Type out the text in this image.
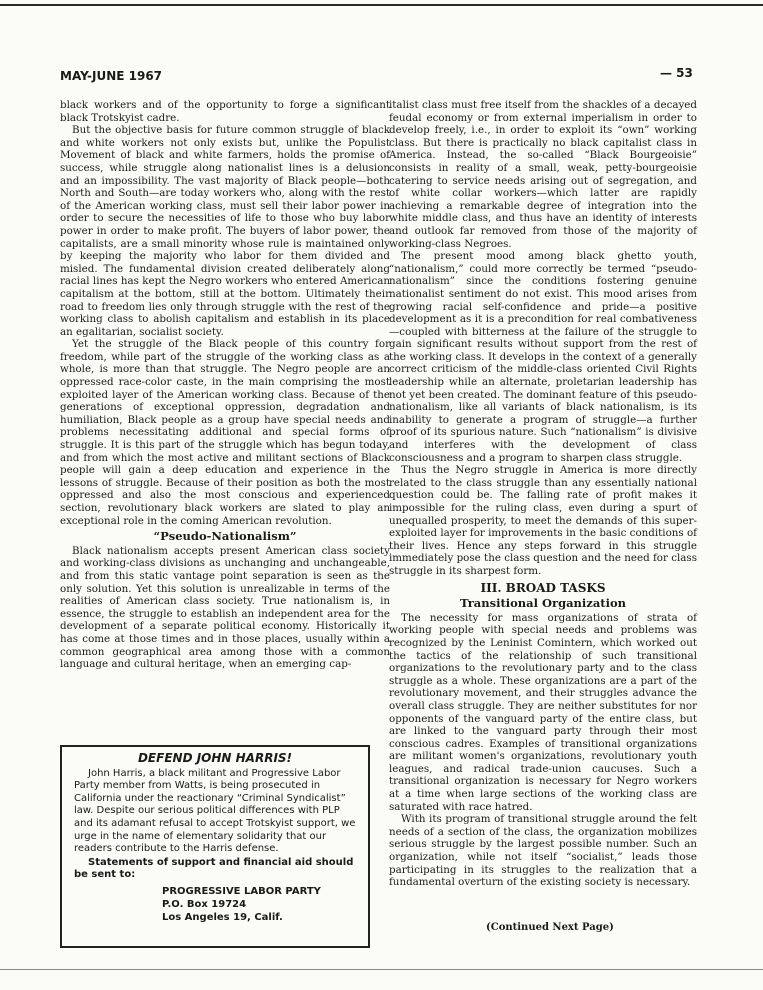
MAY-JUNE 1967	— 53

black workers and of the opportunity to forge a significant black Trotskyist cadre.

But the objective basis for future common struggle of black and white workers not only exists but, unlike the Populist Movement of black and white farmers, holds the promise of success, while struggle along nationalist lines is a delusion and an impossibility. The vast majority of Black people—both North and South—are today workers who, along with the rest of the American working class, must sell their labor power in order to secure the necessities of life to those who buy labor power in order to make profit. The buyers of labor power, the capitalists, are a small minority whose rule is maintained only by keeping the majority who labor for them divided and misled. The fundamental division created deliberately along racial lines has kept the Negro workers who entered American capitalism at the bottom, still at the bottom. Ultimately their road to freedom lies only through struggle with the rest of the working class to abolish capitalism and establish in its place an egalitarian, socialist society.

Yet the struggle of the Black people of this country for freedom, while part of the struggle of the working class as a whole, is more than that struggle. The Negro people are an oppressed race-color caste, in the main comprising the most exploited layer of the American working class. Because of the generations of exceptional oppression, degradation and humiliation, Black people as a group have special needs and problems necessitating additional and special forms of struggle. It is this part of the struggle which has begun today, and from which the most active and militant sections of Black people will gain a deep education and experience in the lessons of struggle. Because of their position as both the most oppressed and also the most conscious and experienced section, revolutionary black workers are slated to play an exceptional role in the coming American revolution.

“Pseudo-Nationalism”

Black nationalism accepts present American class society and working-class divisions as unchanging and unchangeable, and from this static vantage point separation is seen as the only solution. Yet this solution is unrealizable in terms of the realities of American class society. True nationalism is, in essence, the struggle to establish an independent area for the development of a separate political economy. Historically it has come at those times and in those places, usually within a common geographical area among those with a common language and cultural heritage, when an emerging cap-

DEFEND JOHN HARRIS!
John Harris, a black militant and Progressive Labor Party member from Watts, is being prosecuted in California under the reactionary “Criminal Syndicalist” law. Despite our serious political differences with PLP and its adamant refusal to accept Trotskyist support, we urge in the name of elementary solidarity that our readers contribute to the Harris defense.
Statements of support and financial aid should be sent to:
PROGRESSIVE LABOR PARTY
P.O. Box 19724
Los Angeles 19, Calif.

italist class must free itself from the shackles of a decayed feudal economy or from external imperialism in order to develop freely, i.e., in order to exploit its “own” working class. But there is practically no black capitalist class in America. Instead, the so-called “Black Bourgeoisie” consists in reality of a small, weak, petty-bourgeoisie catering to service needs arising out of segregation, and of white collar workers—which latter are rapidly achieving a remarkable degree of integration into the white middle class, and thus have an identity of interests and outlook far removed from those of the majority of working-class Negroes.

The present mood among black ghetto youth, “nationalism,” could more correctly be termed “pseudo-nationalism” since the conditions fostering genuine nationalist sentiment do not exist. This mood arises from growing racial self-confidence and pride—a positive development as it is a precondition for real combativeness—coupled with bitterness at the failure of the struggle to gain significant results without support from the rest of the working class. It develops in the context of a generally correct criticism of the middle-class oriented Civil Rights leadership while an alternate, proletarian leadership has not yet been created. The dominant feature of this pseudo-nationalism, like all variants of black nationalism, is its inability to generate a program of struggle—a further proof of its spurious nature. Such “nationalism” is divisive and interferes with the development of class consciousness and a program to sharpen class struggle.

Thus the Negro struggle in America is more directly related to the class struggle than any essentially national question could be. The falling rate of profit makes it impossible for the ruling class, even during a spurt of unequalled prosperity, to meet the demands of this super-exploited layer for improvements in the basic conditions of their lives. Hence any steps forward in this struggle immediately pose the class question and the need for class struggle in its sharpest form.

III. BROAD TASKS
Transitional Organization

The necessity for mass organizations of strata of working people with special needs and problems was recognized by the Leninist Comintern, which worked out the tactics of the relationship of such transitional organizations to the revolutionary party and to the class struggle as a whole. These organizations are a part of the revolutionary movement, and their struggles advance the overall class struggle. They are neither substitutes for nor opponents of the vanguard party of the entire class, but are linked to the vanguard party through their most conscious cadres. Examples of transitional organizations are militant women's organizations, revolutionary youth leagues, and radical trade-union caucuses. Such a transitional organization is necessary for Negro workers at a time when large sections of the working class are saturated with race hatred.

With its program of transitional struggle around the felt needs of a section of the class, the organization mobilizes serious struggle by the largest possible number. Such an organization, while not itself “socialist,” leads those participating in its struggles to the realization that a fundamental overturn of the existing society is necessary.

(Continued Next Page)
